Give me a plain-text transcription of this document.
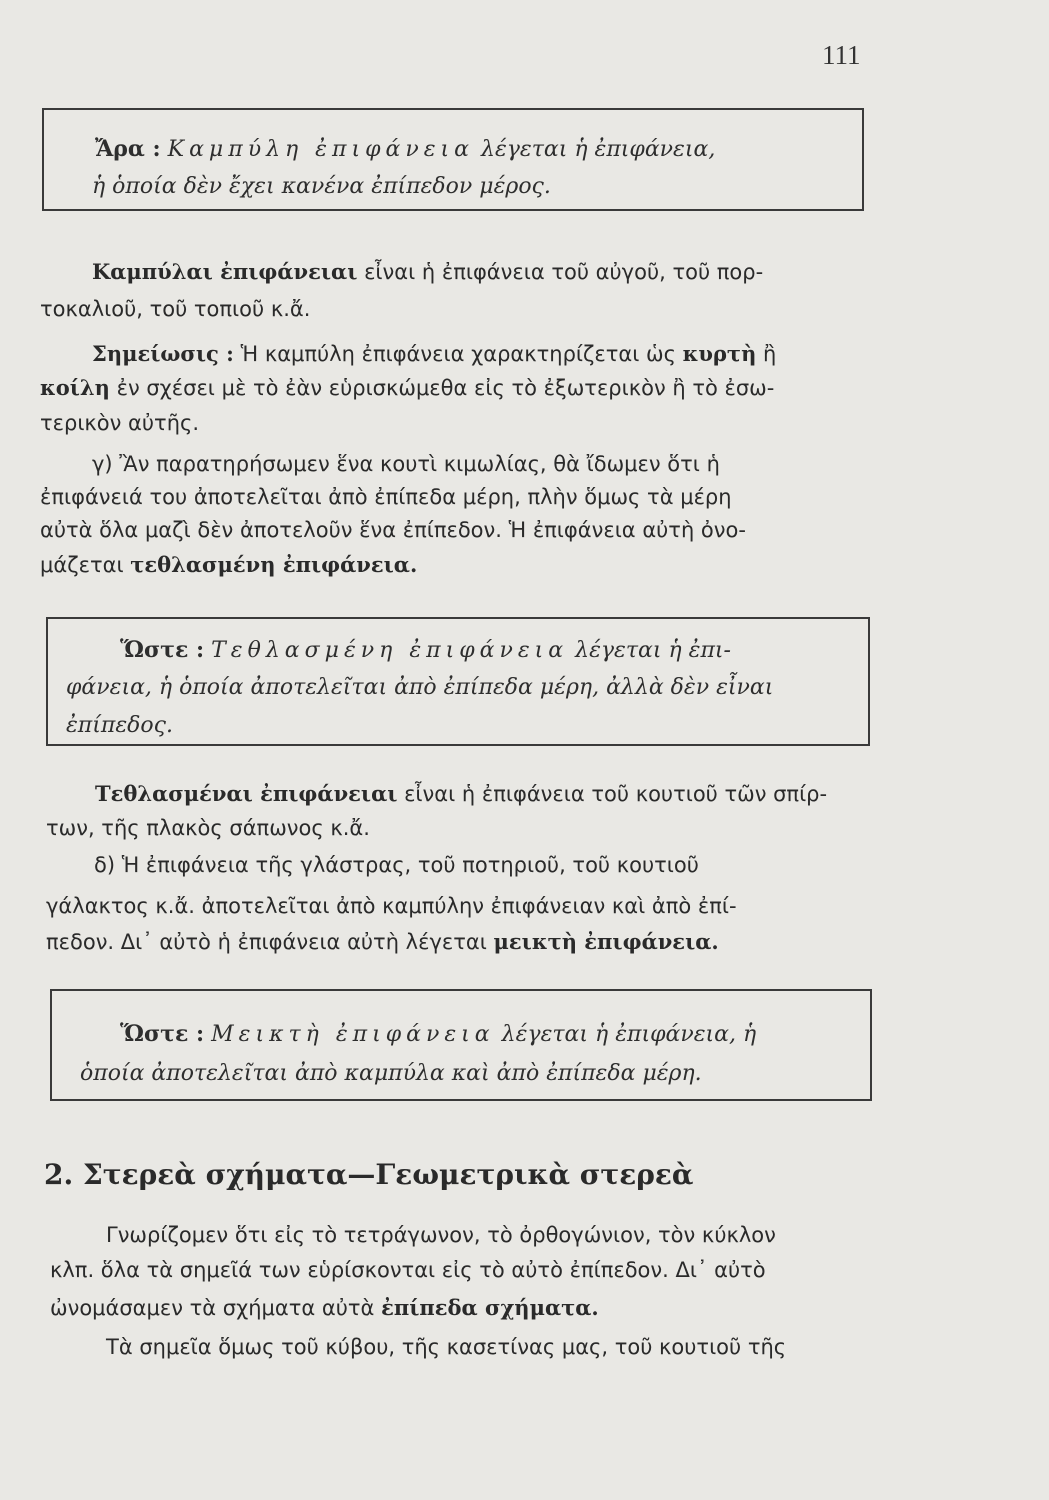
111
Ἄρα : Καμπύλη ἐπιφάνεια λέγεται ἡ ἐπιφάνεια,
ἡ ὁποία δὲν ἔχει κανένα ἐπίπεδον μέρος.
Καμπύλαι ἐπιφάνειαι εἶναι ἡ ἐπιφάνεια τοῦ αὐγοῦ, τοῦ πορ-
τοκαλιοῦ, τοῦ τοπιοῦ κ.ἄ.
Σημείωσις : Ἡ καμπύλη ἐπιφάνεια χαρακτηρίζεται ὡς κυρτὴ ἢ
κοίλη ἐν σχέσει μὲ τὸ ἐὰν εὑρισκώμεθα εἰς τὸ ἐξωτερικὸν ἢ τὸ ἐσω-
τερικὸν αὐτῆς.
γ) Ἂν παρατηρήσωμεν ἕνα κουτὶ κιμωλίας, θὰ ἴδωμεν ὅτι ἡ
ἐπιφάνειά του ἀποτελεῖται ἀπὸ ἐπίπεδα μέρη, πλὴν ὅμως τὰ μέρη
αὐτὰ ὅλα μαζὶ δὲν ἀποτελοῦν ἕνα ἐπίπεδον. Ἡ ἐπιφάνεια αὐτὴ ὀνο-
μάζεται τεθλασμένη ἐπιφάνεια.
Ὥστε : Τεθλασμένη ἐπιφάνεια λέγεται ἡ ἐπι-
φάνεια, ἡ ὁποία ἀποτελεῖται ἀπὸ ἐπίπεδα μέρη, ἀλλὰ δὲν εἶναι
ἐπίπεδος.
Τεθλασμέναι ἐπιφάνειαι εἶναι ἡ ἐπιφάνεια τοῦ κουτιοῦ τῶν σπίρ-
των, τῆς πλακὸς σάπωνος κ.ἄ.
δ) Ἡ ἐπιφάνεια τῆς γλάστρας, τοῦ ποτηριοῦ, τοῦ κουτιοῦ
γάλακτος κ.ἄ. ἀποτελεῖται ἀπὸ καμπύλην ἐπιφάνειαν καὶ ἀπὸ ἐπί-
πεδον. Δι᾽ αὐτὸ ἡ ἐπιφάνεια αὐτὴ λέγεται μεικτὴ ἐπιφάνεια.
Ὥστε : Μεικτὴ ἐπιφάνεια λέγεται ἡ ἐπιφάνεια, ἡ
ὁποία ἀποτελεῖται ἀπὸ καμπύλα καὶ ἀπὸ ἐπίπεδα μέρη.
2. Στερεὰ σχήματα—Γεωμετρικὰ στερεὰ
Γνωρίζομεν ὅτι εἰς τὸ τετράγωνον, τὸ ὀρθογώνιον, τὸν κύκλον
κλπ. ὅλα τὰ σημεῖά των εὑρίσκονται εἰς τὸ αὐτὸ ἐπίπεδον. Δι᾽ αὐτὸ
ὠνομάσαμεν τὰ σχήματα αὐτὰ ἐπίπεδα σχήματα.
Τὰ σημεῖα ὅμως τοῦ κύβου, τῆς κασετίνας μας, τοῦ κουτιοῦ τῆς
